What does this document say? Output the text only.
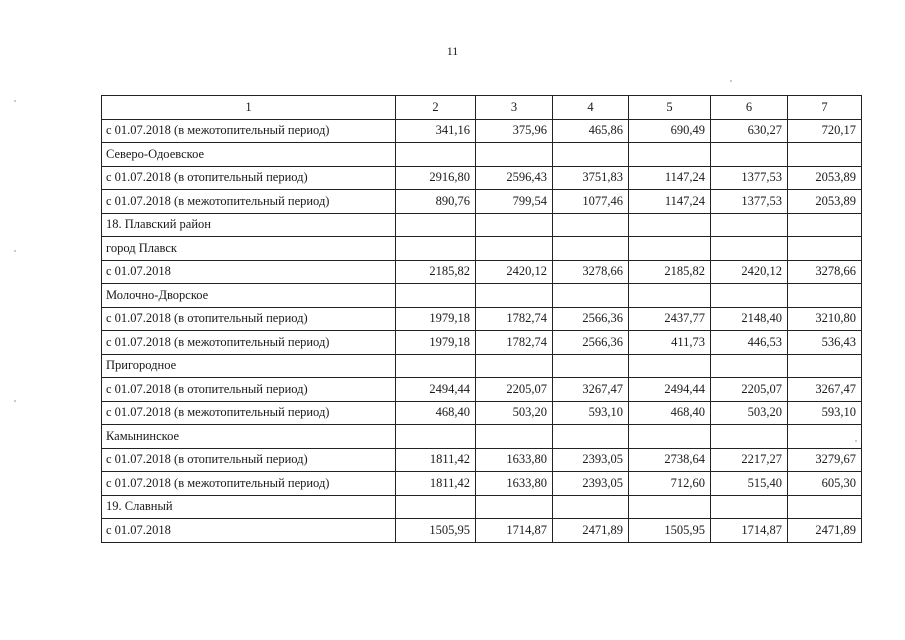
11
1	2	3	4	5	6	7
с 01.07.2018 (в межотопительный период)	341,16	375,96	465,86	690,49	630,27	720,17
Северо-Одоевское						
с 01.07.2018 (в отопительный период)	2916,80	2596,43	3751,83	1147,24	1377,53	2053,89
с 01.07.2018 (в межотопительный период)	890,76	799,54	1077,46	1147,24	1377,53	2053,89
18. Плавский район						
город Плавск						
с 01.07.2018	2185,82	2420,12	3278,66	2185,82	2420,12	3278,66
Молочно-Дворское						
с 01.07.2018 (в отопительный период)	1979,18	1782,74	2566,36	2437,77	2148,40	3210,80
с 01.07.2018 (в межотопительный период)	1979,18	1782,74	2566,36	411,73	446,53	536,43
Пригородное						
с 01.07.2018 (в отопительный период)	2494,44	2205,07	3267,47	2494,44	2205,07	3267,47
с 01.07.2018 (в межотопительный период)	468,40	503,20	593,10	468,40	503,20	593,10
Камынинское						
с 01.07.2018 (в отопительный период)	1811,42	1633,80	2393,05	2738,64	2217,27	3279,67
с 01.07.2018 (в межотопительный период)	1811,42	1633,80	2393,05	712,60	515,40	605,30
19. Славный						
с 01.07.2018	1505,95	1714,87	2471,89	1505,95	1714,87	2471,89
